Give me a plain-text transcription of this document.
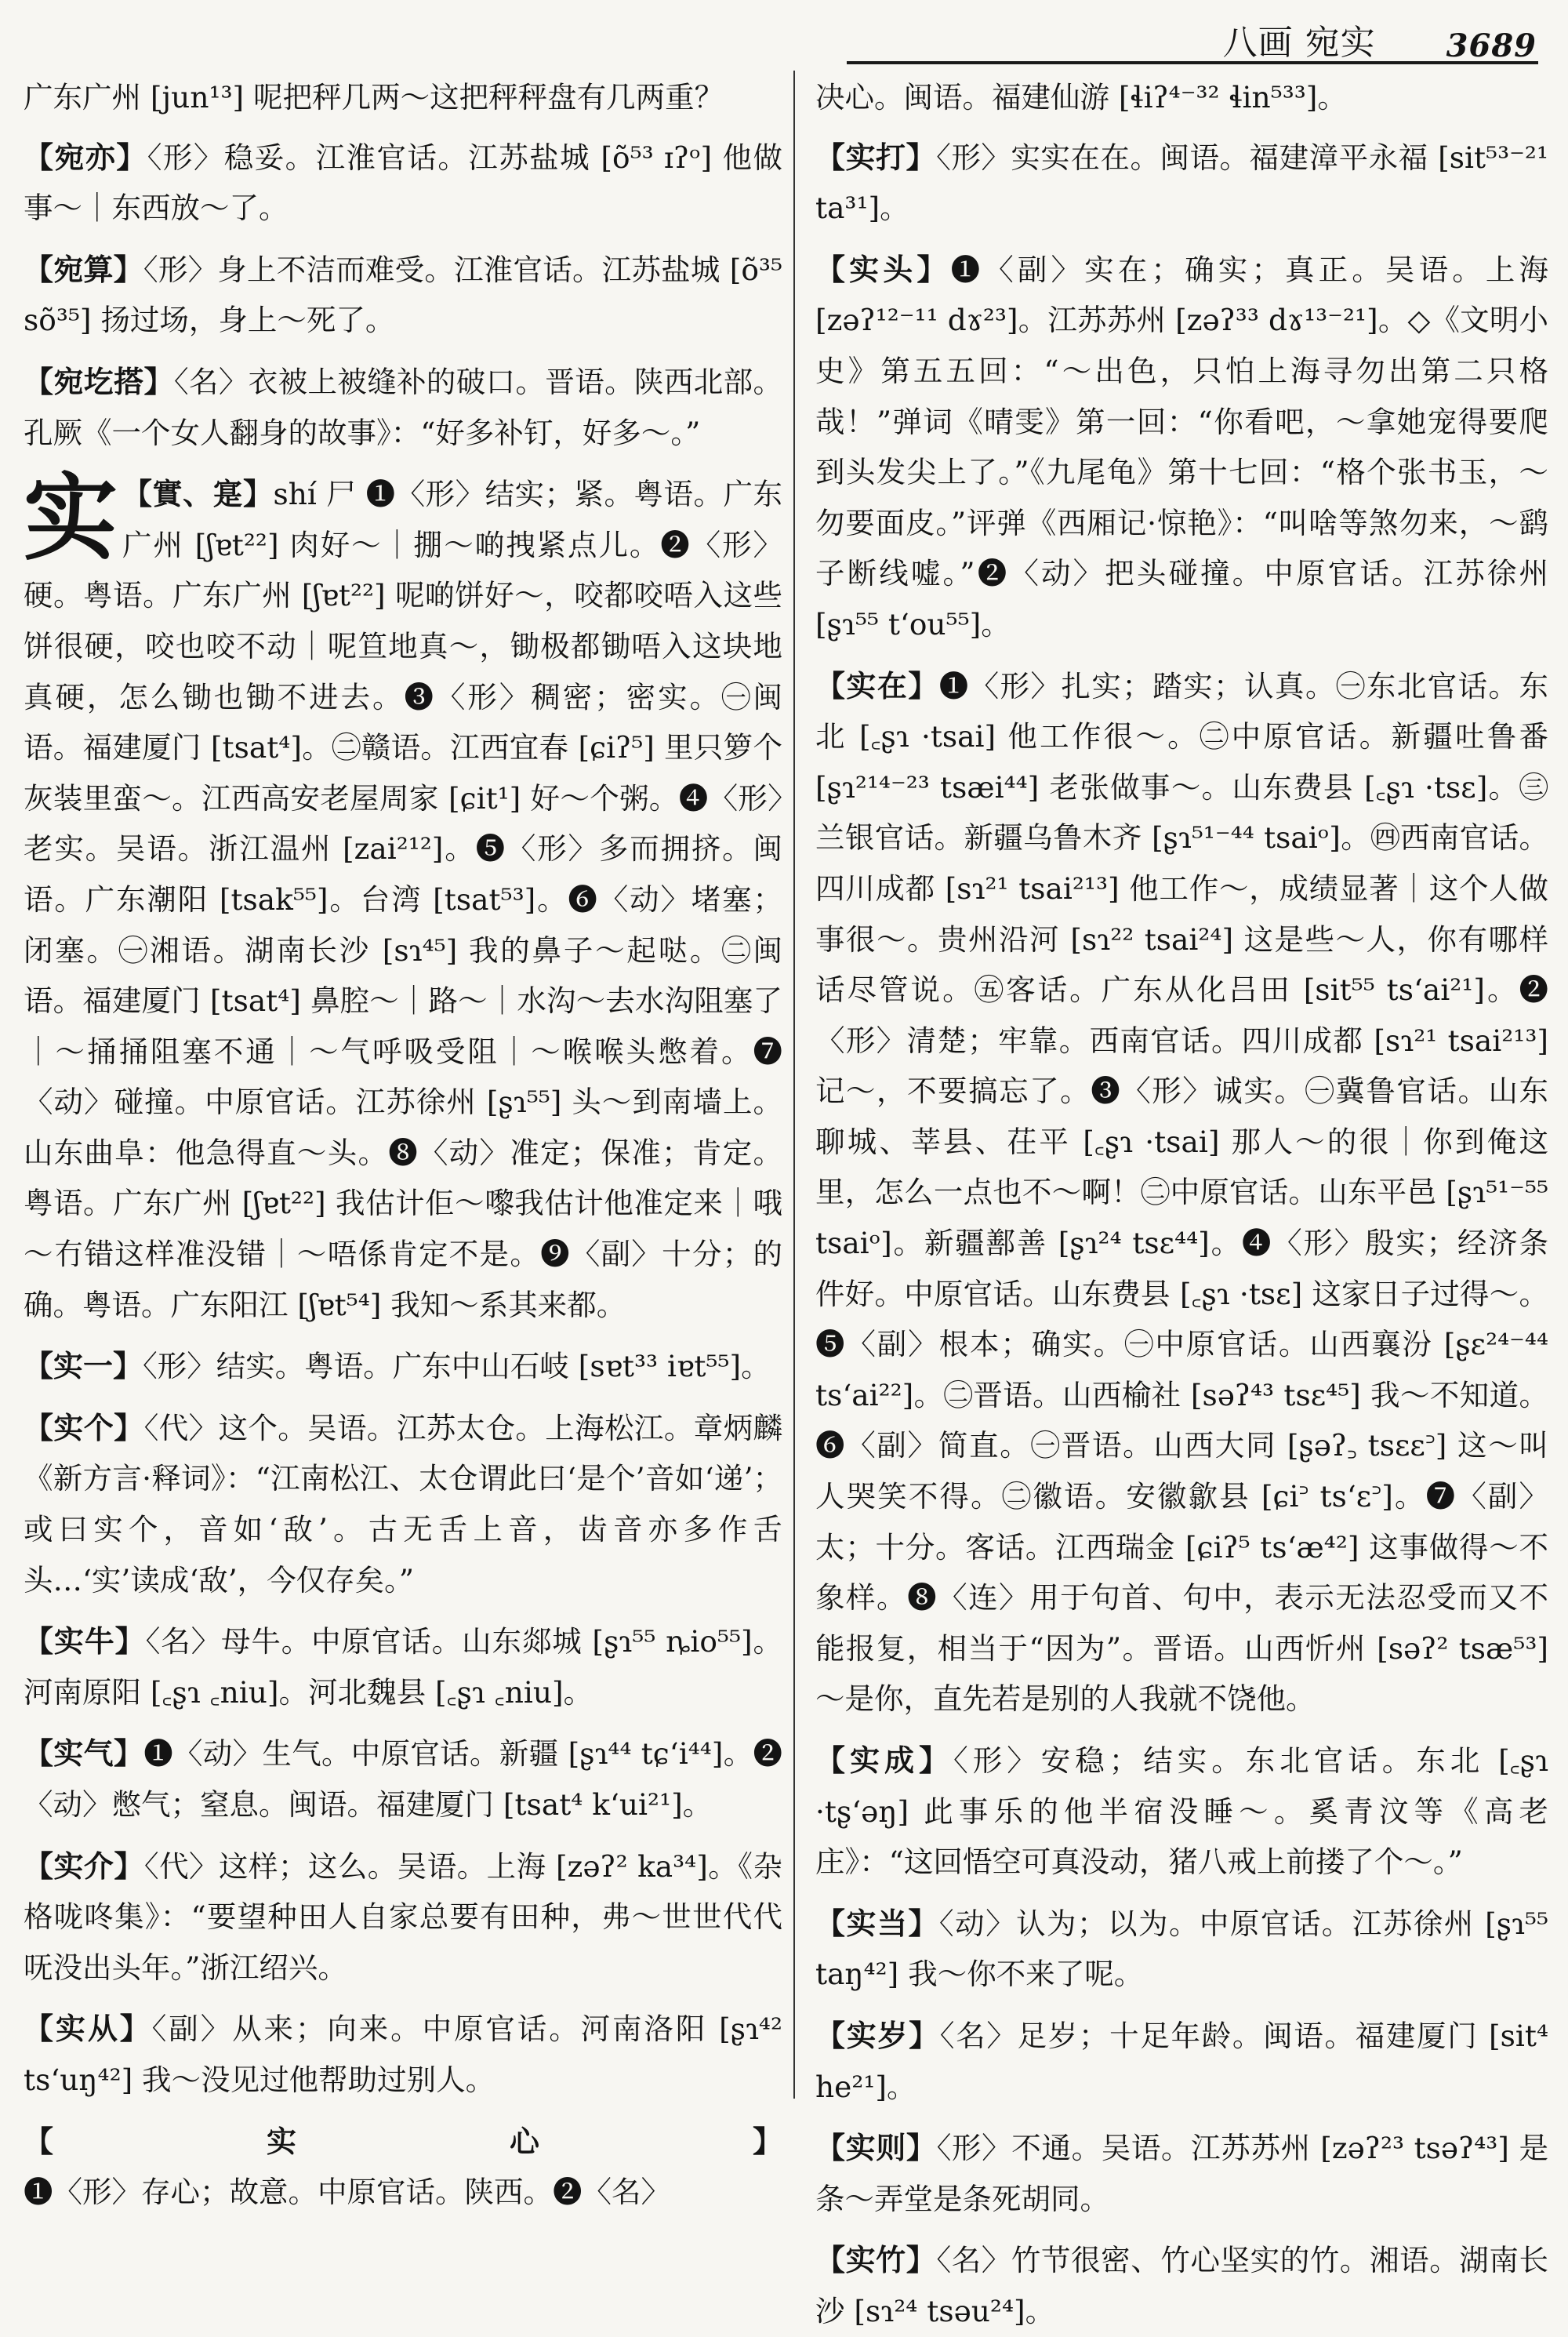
八画 宛实 3689
广东广州 [jun¹³] 呢把秤几两～这把秤秤盘有几两重？
【宛亦】〈形〉稳妥。江淮官话。江苏盐城 [õ⁵³ ɪʔᵒ] 他做事～｜东西放～了。
【宛算】〈形〉身上不洁而难受。江淮官话。江苏盐城 [õ³⁵ sõ³⁵] 扬过场，身上～死了。
【宛圪搭】〈名〉衣被上被缝补的破口。晋语。陕西北部。孔厥《一个女人翻身的故事》：“好多补钉，好多～。”
实 【實、寔】shí 尸 ❶〈形〉结实；紧。粤语。广东广州 [ʃɐt²²] 肉好～｜掤～啲拽紧点儿。❷〈形〉硬。粤语。广东广州 [ʃɐt²²] 呢啲饼好～，咬都咬唔入这些饼很硬，咬也咬不动｜呢笪地真～，锄极都锄唔入这块地真硬，怎么锄也锄不进去。❸〈形〉稠密；密实。㊀闽语。福建厦门 [tsat⁴]。㊁赣语。江西宜春 [ɕiʔ⁵] 里只箩个灰装里蛮～。江西高安老屋周家 [ɕit¹] 好～个粥。❹〈形〉老实。吴语。浙江温州 [zai²¹²]。❺〈形〉多而拥挤。闽语。广东潮阳 [tsak⁵⁵]。台湾 [tsat⁵³]。❻〈动〉堵塞；闭塞。㊀湘语。湖南长沙 [sɿ⁴⁵] 我的鼻子～起哒。㊁闽语。福建厦门 [tsat⁴] 鼻腔～｜路～｜水沟～去水沟阻塞了｜～捅捅阻塞不通｜～气呼吸受阻｜～喉喉头憋着。❼〈动〉碰撞。中原官话。江苏徐州 [ʂɿ⁵⁵] 头～到南墙上。山东曲阜：他急得直～头。❽〈动〉准定；保准；肯定。粤语。广东广州 [ʃɐt²²] 我估计佢～嚟我估计他准定来｜哦～冇错这样准没错｜～唔係肯定不是。❾〈副〉十分；的确。粤语。广东阳江 [ʃɐt⁵⁴] 我知～系其来都。
【实一】〈形〉结实。粤语。广东中山石岐 [sɐt³³ iɐt⁵⁵]。
【实个】〈代〉这个。吴语。江苏太仓。上海松江。章炳麟《新方言·释词》：“江南松江、太仓谓此曰‘是个’音如‘递’；或曰实个，音如‘敌’。古无舌上音，齿音亦多作舌头…‘实’读成‘敌’，今仅存矣。”
【实牛】〈名〉母牛。中原官话。山东郯城 [ʂɿ⁵⁵ ȵio⁵⁵]。河南原阳 [꜀ʂɿ ꜀niu]。河北魏县 [꜀ʂɿ ꜀niu]。
【实气】❶〈动〉生气。中原官话。新疆 [ʂɿ⁴⁴ tɕʻi⁴⁴]。❷〈动〉憋气；窒息。闽语。福建厦门 [tsat⁴ kʻui²¹]。
【实介】〈代〉这样；这么。吴语。上海 [zəʔ² ka³⁴]。《杂格咙咚集》：“要望种田人自家总要有田种，弗～世世代代呒没出头年。”浙江绍兴。
【实从】〈副〉从来；向来。中原官话。河南洛阳 [ʂɿ⁴² tsʻuŋ⁴²] 我～没见过他帮助过别人。
【实心】❶〈形〉存心；故意。中原官话。陕西。❷〈名〉
决心。闽语。福建仙游 [ɬiʔ⁴⁻³² ɬin⁵³³]。
【实打】〈形〉实实在在。闽语。福建漳平永福 [sit⁵³⁻²¹ ta³¹]。
【实头】❶〈副〉实在；确实；真正。吴语。上海 [zəʔ¹²⁻¹¹ dɤ²³]。江苏苏州 [zəʔ³³ dɤ¹³⁻²¹]。◇《文明小史》第五五回：“～出色，只怕上海寻勿出第二只格哉！”弹词《晴雯》第一回：“你看吧，～拿她宠得要爬到头发尖上了。”《九尾龟》第十七回：“格个张书玉，～勿要面皮。”评弹《西厢记·惊艳》：“叫啥等煞勿来，～鹞子断线嘘。”❷〈动〉把头碰撞。中原官话。江苏徐州 [ʂɿ⁵⁵ tʻou⁵⁵]。
【实在】❶〈形〉扎实；踏实；认真。㊀东北官话。东北 [꜀ʂɿ ·tsai] 他工作很～。㊁中原官话。新疆吐鲁番 [ʂɿ²¹⁴⁻²³ tsæi⁴⁴] 老张做事～。山东费县 [꜀ʂɿ ·tsɛ]。㊂兰银官话。新疆乌鲁木齐 [ʂɿ⁵¹⁻⁴⁴ tsaiᵒ]。㊃西南官话。四川成都 [sɿ²¹ tsai²¹³] 他工作～，成绩显著｜这个人做事很～。贵州沿河 [sɿ²² tsai²⁴] 这是些～人，你有哪样话尽管说。㊄客话。广东从化吕田 [sit⁵⁵ tsʻai²¹]。❷〈形〉清楚；牢靠。西南官话。四川成都 [sɿ²¹ tsai²¹³] 记～，不要搞忘了。❸〈形〉诚实。㊀冀鲁官话。山东聊城、莘县、茌平 [꜀ʂɿ ·tsai] 那人～的很｜你到俺这里，怎么一点也不～啊！㊁中原官话。山东平邑 [ʂɿ⁵¹⁻⁵⁵ tsaiᵒ]。新疆鄯善 [ʂɿ²⁴ tsɛ⁴⁴]。❹〈形〉殷实；经济条件好。中原官话。山东费县 [꜀ʂɿ ·tsɛ] 这家日子过得～。❺〈副〉根本；确实。㊀中原官话。山西襄汾 [ʂɛ²⁴⁻⁴⁴ tsʻai²²]。㊁晋语。山西榆社 [səʔ⁴³ tsɛ⁴⁵] 我～不知道。❻〈副〉简直。㊀晋语。山西大同 [ʂəʔ꜆ tsɛɛ꜄] 这～叫人哭笑不得。㊁徽语。安徽歙县 [ɕi꜄ tsʻɛ꜄]。❼〈副〉太；十分。客话。江西瑞金 [ɕiʔ⁵ tsʻæ⁴²] 这事做得～不象样。❽〈连〉用于句首、句中，表示无法忍受而又不能报复，相当于“因为”。晋语。山西忻州 [səʔ² tsæ⁵³]～是你，直先若是别的人我就不饶他。
【实成】〈形〉安稳；结实。东北官话。东北 [꜀ʂɿ ·tʂʻəŋ] 此事乐的他半宿没睡～。奚青汶等《高老庄》：“这回悟空可真没动，猪八戒上前搂了个～。”
【实当】〈动〉认为；以为。中原官话。江苏徐州 [ʂɿ⁵⁵ taŋ⁴²] 我～你不来了呢。
【实岁】〈名〉足岁；十足年龄。闽语。福建厦门 [sit⁴ he²¹]。
【实则】〈形〉不通。吴语。江苏苏州 [zəʔ²³ tsəʔ⁴³] 是条～弄堂是条死胡同。
【实竹】〈名〉竹节很密、竹心坚实的竹。湘语。湖南长沙 [sɿ²⁴ tsəu²⁴]。
